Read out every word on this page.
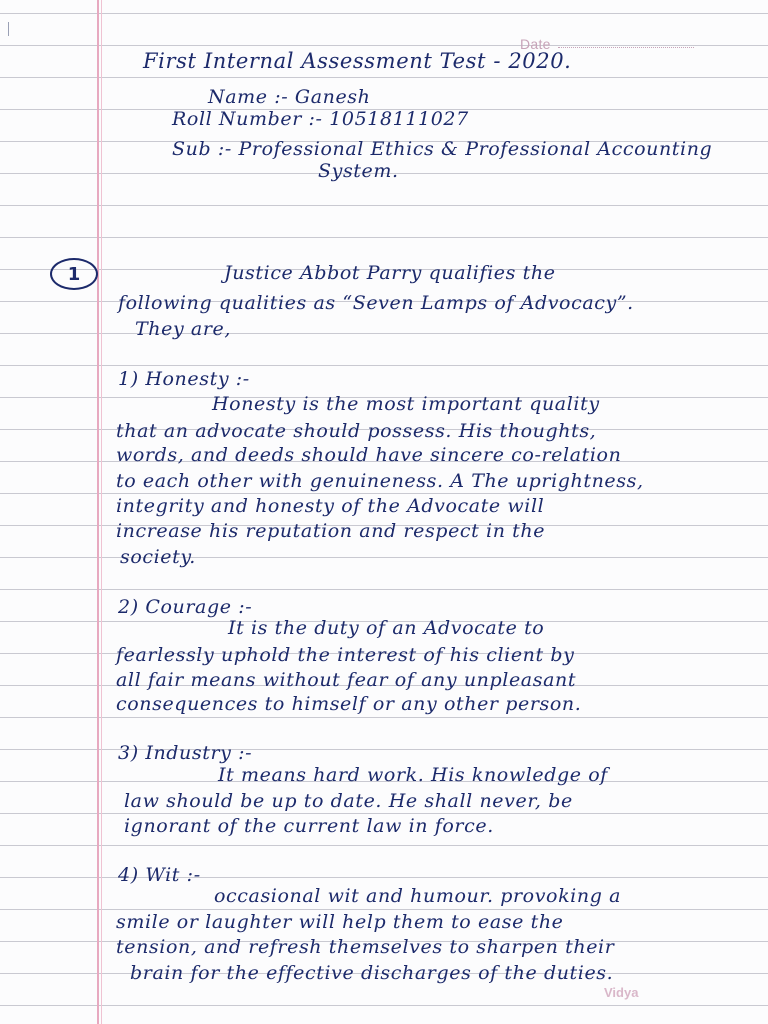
Date
First Internal Assessment Test - 2020.
Name :- Ganesh
Roll Number :- 10518111027
Sub :- Professional Ethics & Professional Accounting
System.
1	Justice Abbot Parry qualifies the
following qualities as “Seven Lamps of Advocacy”.
They are,
1) Honesty :-
Honesty is the most important quality
that an advocate should possess. His thoughts,
words, and deeds should have sincere co-relation
to each other with genuineness. A The uprightness,
integrity and honesty of the Advocate will
increase his reputation and respect in the
society.
2) Courage :-
It is the duty of an Advocate to
fearlessly uphold the interest of his client by
all fair means without fear of any unpleasant
consequences to himself or any other person.
3) Industry :-
It means hard work. His knowledge of
law should be up to date. He shall never, be
ignorant of the current law in force.
4) Wit :-
occasional wit and humour. provoking a
smile or laughter will help them to ease the
tension, and refresh themselves to sharpen their
brain for the effective discharges of the duties.
Vidya
